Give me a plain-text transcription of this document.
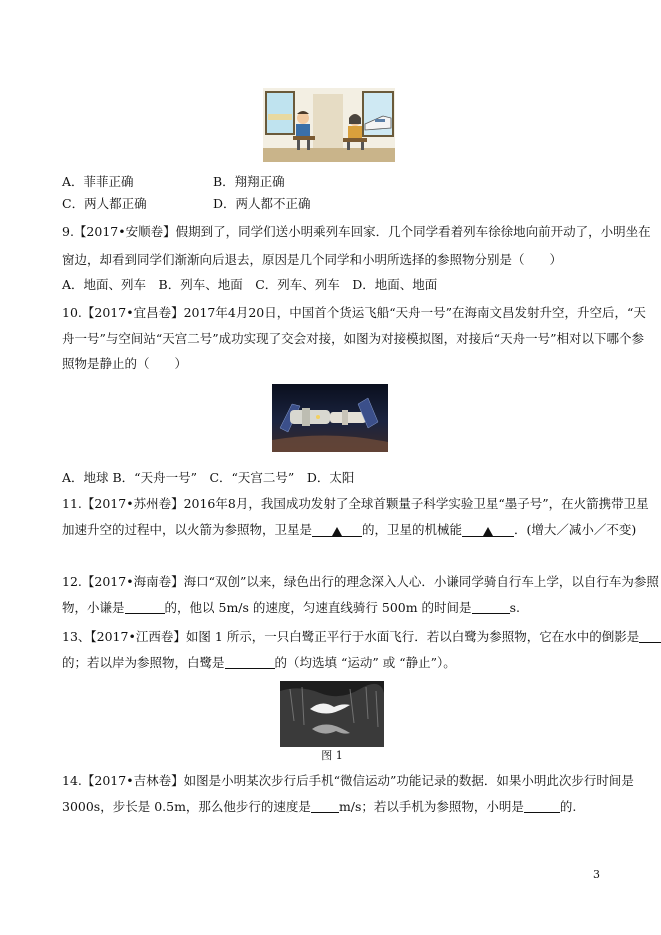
A．菲菲正确	B．翔翔正确
C．两人都正确	D．两人都不正确
9.【2017•安顺卷】假期到了，同学们送小明乘列车回家．几个同学看着列车徐徐地向前开动了，小明坐在
窗边，却看到同学们渐渐向后退去，原因是几个同学和小明所选择的参照物分别是（　　）
A．地面、列车　B．列车、地面　C．列车、列车　D．地面、地面
10.【2017•宜昌卷】2017年4月20日，中国首个货运飞船“天舟一号”在海南文昌发射升空，升空后，“天
舟一号”与空间站“天宫二号”成功实现了交会对接，如图为对接模拟图，对接后“天舟一号”相对以下哪个参
照物是静止的（　　）
A．地球 B．“天舟一号”　C．“天宫二号”　D．太阳
11.【2017•苏州卷】2016年8月，我国成功发射了全球首颗量子科学实验卫星“墨子号”，在火箭携带卫星
加速升空的过程中，以火箭为参照物，卫星是	的，卫星的机械能	．(增大／减小／不变)
12.【2017•海南卷】海口“双创”以来，绿色出行的理念深入人心．小谦同学骑自行车上学，以自行车为参照
物，小谦是	的，他以 5m/s 的速度，匀速直线骑行 500m 的时间是	s.
13、【2017•江西卷】如图 1 所示，一只白鹭正平行于水面飞行．若以白鹭为参照物，它在水中的倒影是
的；若以岸为参照物，白鹭是	的（均选填 “运动” 或 “静止”）。
图 1
14.【2017•吉林卷】如图是小明某次步行后手机“微信运动”功能记录的数据．如果小明此次步行时间是
3000s，步长是 0.5m，那么他步行的速度是 m/s；若以手机为参照物，小明是	的.
3
